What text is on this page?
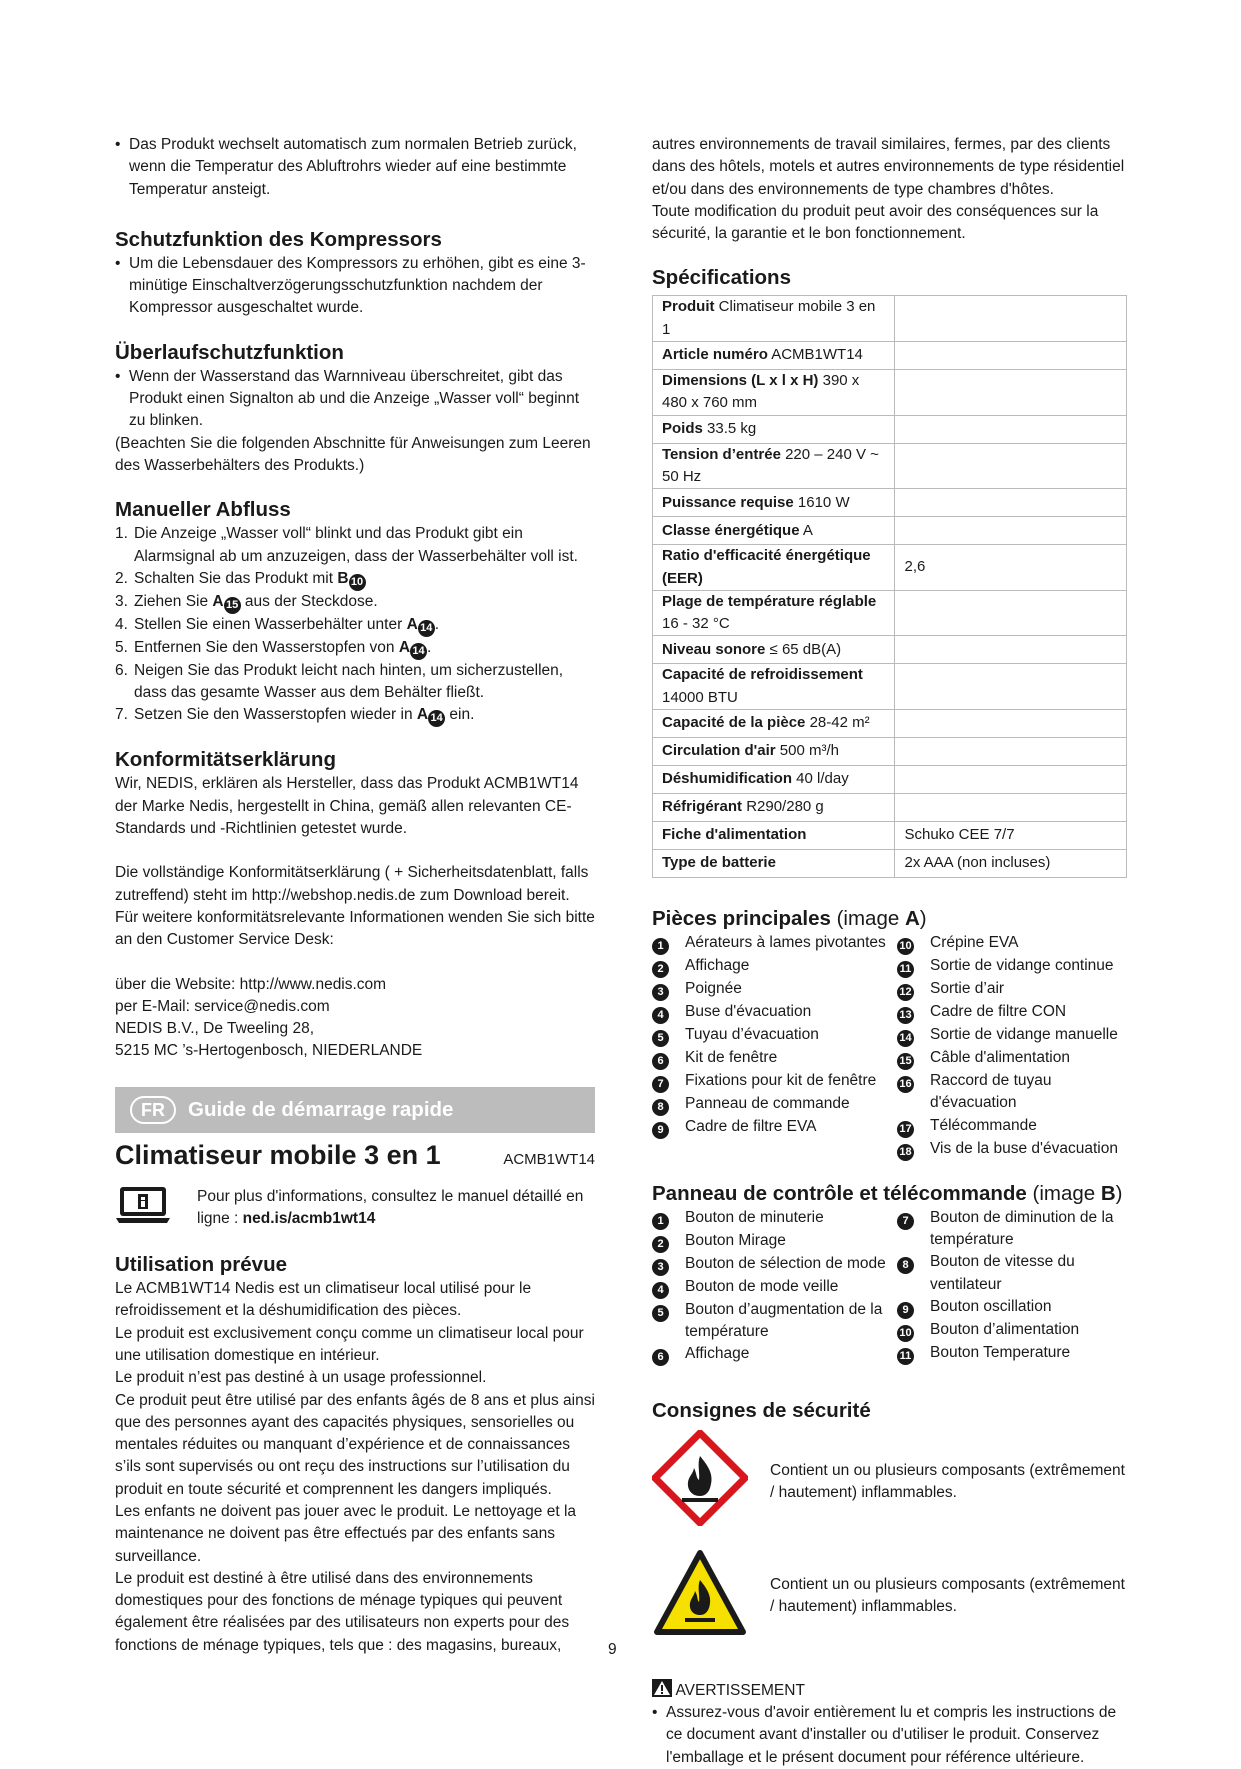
• Das Produkt wechselt automatisch zum normalen Betrieb zurück, wenn die Temperatur des Abluftrohrs wieder auf eine bestimmte Temperatur ansteigt.
Schutzfunktion des Kompressors
• Um die Lebensdauer des Kompressors zu erhöhen, gibt es eine 3-minütige Einschaltverzögerungsschutzfunktion nachdem der Kompressor ausgeschaltet wurde.
Überlaufschutzfunktion
• Wenn der Wasserstand das Warnniveau überschreitet, gibt das Produkt einen Signalton ab und die Anzeige „Wasser voll“ beginnt zu blinken.

(Beachten Sie die folgenden Abschnitte für Anweisungen zum Leeren des Wasserbehälters des Produkts.)

Manueller Abfluss
1. Die Anzeige „Wasser voll“ blinkt und das Produkt gibt ein Alarmsignal ab um anzuzeigen, dass der Wasserbehälter voll ist.
2. Schalten Sie das Produkt mit B 10
3. Ziehen Sie A 15 aus der Steckdose.
4. Stellen Sie einen Wasserbehälter unter A 14 .
5. Entfernen Sie den Wasserstopfen von A 14 .
6. Neigen Sie das Produkt leicht nach hinten, um sicherzustellen, dass das gesamte Wasser aus dem Behälter fließt.
7. Setzen Sie den Wasserstopfen wieder in A 14 ein.
Konformitätserklärung

Wir, NEDIS, erklären als Hersteller, dass das Produkt ACMB1WT14 der Marke Nedis, hergestellt in China, gemäß allen relevanten CE-Standards und -Richtlinien getestet wurde.

Die vollständige Konformitätserklärung ( + Sicherheitsdatenblatt, falls zutreffend) steht im http://webshop.nedis.de zum Download bereit.

Für weitere konformitätsrelevante Informationen wenden Sie sich bitte an den Customer Service Desk:

über die Website: http://www.nedis.com

per E-Mail: service@nedis.com

NEDIS B.V., De Tweeling 28,

5215 MC ’s-Hertogenbosch, NIEDERLANDE

FR	Guide de démarrage rapide
Climatiseur mobile 3 en 1	ACMB1WT14

Pour plus d'informations, consultez le manuel détaillé en ligne : ned.is/acmb1wt14

Utilisation prévue

Le ACMB1WT14 Nedis est un climatiseur local utilisé pour le refroidissement et la déshumidification des pièces.

Le produit est exclusivement conçu comme un climatiseur local pour une utilisation domestique en intérieur.

Le produit n’est pas destiné à un usage professionnel.

Ce produit peut être utilisé par des enfants âgés de 8 ans et plus ainsi que des personnes ayant des capacités physiques, sensorielles ou mentales réduites ou manquant d’expérience et de connaissances s’ils sont supervisés ou ont reçu des instructions sur l’utilisation du produit en toute sécurité et comprennent les dangers impliqués.

Les enfants ne doivent pas jouer avec le produit. Le nettoyage et la maintenance ne doivent pas être effectués par des enfants sans surveillance.

Le produit est destiné à être utilisé dans des environnements domestiques pour des fonctions de ménage typiques qui peuvent également être réalisées par des utilisateurs non experts pour des fonctions de ménage typiques, tels que : des magasins, bureaux,

autres environnements de travail similaires, fermes, par des clients dans des hôtels, motels et autres environnements de type résidentiel et/ou dans des environnements de type chambres d'hôtes.

Toute modification du produit peut avoir des conséquences sur la sécurité, la garantie et le bon fonctionnement.

Spécifications
Produit Climatiseur mobile 3 en 1	
Article numéro ACMB1WT14	
Dimensions (L x l x H) 390 x 480 x 760 mm	
Poids 33.5 kg	
Tension d’entrée 220 – 240 V ~ 50 Hz	
Puissance requise 1610 W	
Classe énergétique A	
Ratio d'efficacité énergétique (EER)	2,6
Plage de température réglable 16 - 32 °C	
Niveau sonore ≤ 65 dB(A)	
Capacité de refroidissement 14000 BTU	
Capacité de la pièce 28-42 m²	
Circulation d'air 500 m³/h	
Déshumidification 40 l/day	
Réfrigérant R290/280 g	
Fiche d'alimentation	Schuko CEE 7/7
Type de batterie	2x AAA (non incluses)
Pièces principales (image A)
1	Aérateurs à lames pivotantes
2	Affichage
3	Poignée
4	Buse d'évacuation
5	Tuyau d’évacuation
6	Kit de fenêtre
7	Fixations pour kit de fenêtre
8	Panneau de commande
9	Cadre de filtre EVA
10	Crépine EVA
11	Sortie de vidange continue
12	Sortie d’air
13	Cadre de filtre CON
14	Sortie de vidange manuelle
15	Câble d'alimentation
16	Raccord de tuyau d'évacuation
17	Télécommande
18	Vis de la buse d'évacuation
Panneau de contrôle et télécommande (image B)
1	Bouton de minuterie
2	Bouton Mirage
3	Bouton de sélection de mode
4	Bouton de mode veille
5	Bouton d’augmentation de la température
6	Affichage
7	Bouton de diminution de la température
8	Bouton de vitesse du ventilateur
9	Bouton oscillation
10	Bouton d’alimentation
11	Bouton Temperature
Consignes de sécurité

Contient un ou plusieurs composants (extrêmement / hautement) inflammables.

Contient un ou plusieurs composants (extrêmement / hautement) inflammables.

AVERTISSEMENT

• Assurez-vous d'avoir entièrement lu et compris les instructions de ce document avant d'installer ou d'utiliser le produit. Conservez l'emballage et le présent document pour référence ultérieure.
9
